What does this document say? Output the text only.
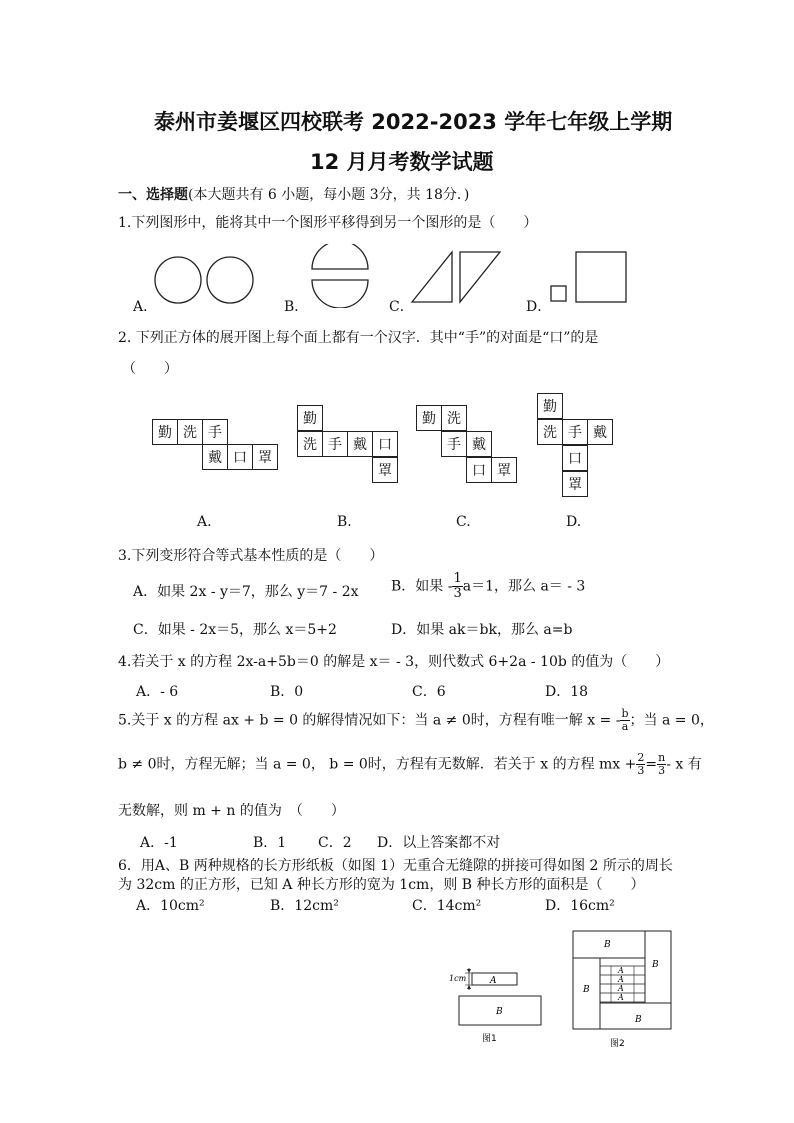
泰州市姜堰区四校联考 2022-2023 学年七年级上学期
12 月月考数学试题
一、选择题(本大题共有 6 小题，每小题 3分，共 18分．)
1.下列图形中，能将其中一个图形平移得到另一个图形的是（　　）
A．	B．	C．	D．
2. 下列正方体的展开图上每个面上都有一个汉字．其中“手”的对面是“口”的是
（　　）
勤 洗 手
戴 口 罩
勤
洗 手 戴 口
罩
勤 洗
手 戴
口 罩
勤
洗 手 戴
口
罩
A.	B.	C.	D.
3.下列变形符合等式基本性质的是（　　）
A．如果 2x - y＝7，那么 y＝7 - 2x B．如果 - $\frac{1}{3} a=1$，那么 a＝ - 3
C．如果 - 2x＝5，那么 x＝5+2	D．如果 ak＝bk，那么 a=b
4.若关于 x 的方程 2x-a+5b＝0 的解是 x＝ - 3，则代数式 6+2a - 10b 的值为（　　）
A．- 6	B．0	C．6	D．18
5.关于 x 的方程 ax + b = 0 的解得情况如下：当 a ≠ 0时，方程有唯一解 x = - $\frac{b}{a}$ ；当 a = 0，
b ≠ 0时，方程无解；当 a = 0， b = 0时，方程有无数解．若关于 x 的方程 mx + $\frac{2}{3} = \frac{n}{3} - x$ 有
无数解，则 m + n 的值为　（　　）
A．-1	B．1 C．2 D．以上答案都不对
6．用A、B 两种规格的长方形纸板（如图 1）无重合无缝隙的拼接可得如图 2 所示的周长
为 32cm 的正方形，已知 A 种长方形的宽为 1cm，则 B 种长方形的面积是（　　）
A．10cm²	B．12cm²	C．14cm²	D．16cm²
1cm	A
B
图1
B
B
B
B
A
A
A
A
图2
